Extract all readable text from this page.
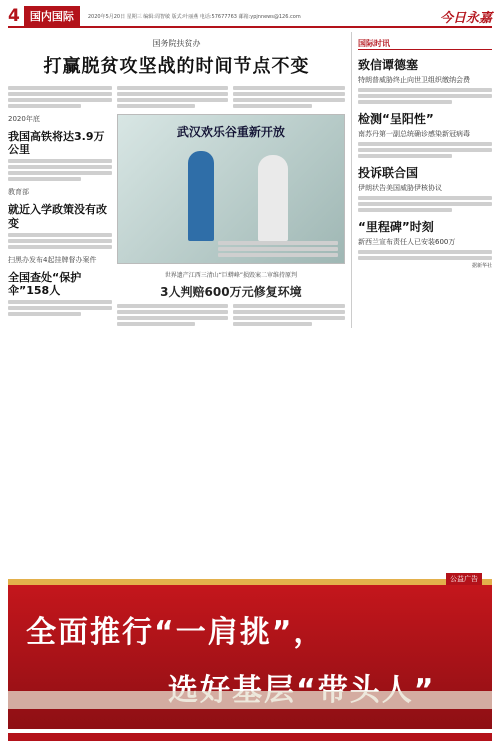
4 国内国际	2020年5月20日 星期三 编辑:周智敏 版式:叶丽燕 电话:57677763 邮箱:ypjnnews@126.com	今日永嘉
国务院扶贫办
打赢脱贫攻坚战的时间节点不变
2020年底
我国高铁将达3.9万公里
教育部
就近入学政策没有改变
扫黑办发布4起挂牌督办案件
全国查处“保护伞”158人
武汉欢乐谷重新开放
世界遗产江西三清山“巨蟒峰”损毁案二审维持原判
3人判赔600万元修复环境
国际时讯
致信谭德塞
特朗普威胁终止向世卫组织缴纳会费
检测“呈阳性”
南苏丹第一副总统确诊感染新冠病毒
投诉联合国
伊朗状告美国威胁伊核协议
“里程碑”时刻
新西兰宣布责任人已安装600万
据新华社
公益广告
全面推行“一肩挑”，
